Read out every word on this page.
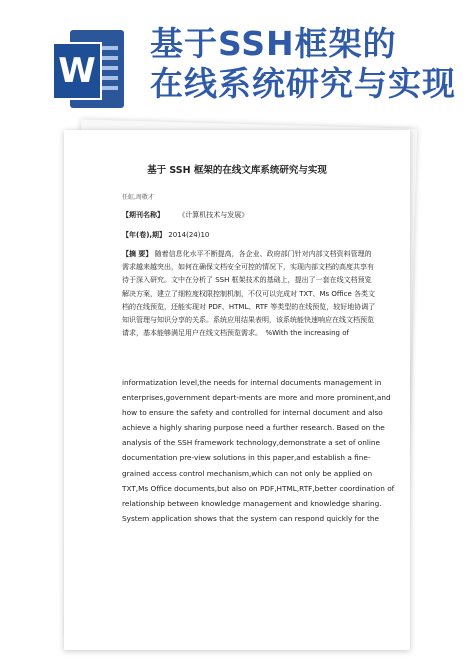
W
基于SSH框架的
在线系统研究与实现
基于 SSH 框架的在线文库系统研究与实现
任虹,周敬才
【期刊名称】 《计算机技术与发展》
【年(卷),期】 2014(24)10
【摘 要】 随着信息化水平不断提高，各企业、政府部门针对内部文档资料管理的
需求越来越突出，如何在确保文档安全可控的情况下，实现内部文档的高度共享有
待于深入研究。文中在分析了 SSH 框架技术的基础上，提出了一套在线文档预览
解决方案，建立了细粒度权限控制机制，不仅可以完成对 TXT、Ms Office 各类文
档的在线预览，还能实现对 PDF、HTML、RTF 等类型的在线预览，较好地协调了
知识管理与知识分享的关系。系统应用结果表明，该系统能快速响应在线文档预览
请求，基本能够满足用户在线文档预览需求。　%With the increasing of
informatization level,the needs for internal documents management in
enterprises,government depart-ments are more and more prominent,and
how to ensure the safety and controlled for internal document and also
achieve a highly sharing purpose need a further research. Based on the
analysis of the SSH framework technology,demonstrate a set of online
documentation pre-view solutions in this paper,and establish a fine-
grained access control mechanism,which can not only be applied on
TXT,Ms Office documents,but also on PDF,HTML,RTF,better coordination of
relationship between knowledge management and knowledge sharing.
System application shows that the system can respond quickly for the
